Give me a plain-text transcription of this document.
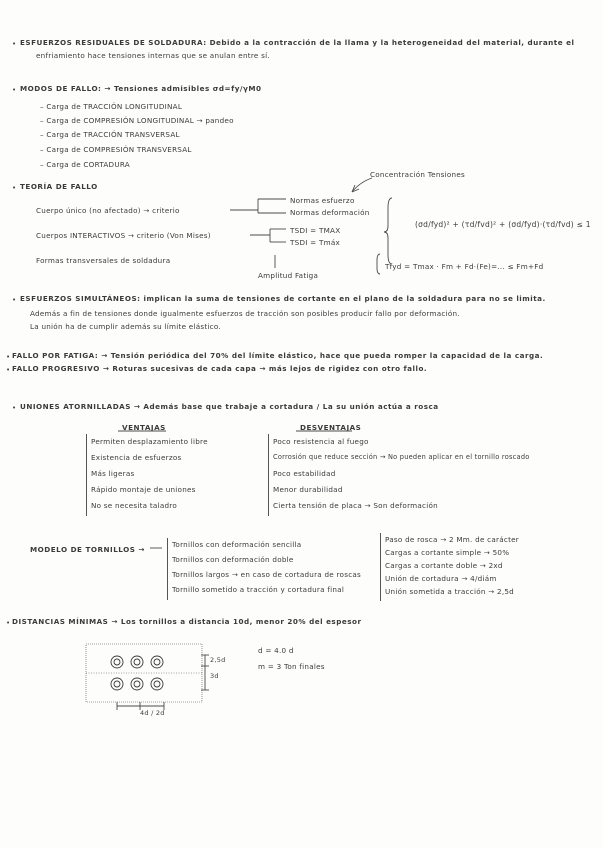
• ESFUERZOS RESIDUALES DE SOLDADURA: Debido a la contracción de la llama y la heterogeneidad del material, durante el
enfriamiento hace tensiones internas que se anulan entre sí.
• MODOS DE FALLO: → Tensiones admisibles σd=fy/γM0
– Carga de TRACCIÓN LONGITUDINAL
– Carga de COMPRESIÓN LONGITUDINAL → pandeo
– Carga de TRACCIÓN TRANSVERSAL
– Carga de COMPRESIÓN TRANSVERSAL
– Carga de CORTADURA
Concentración Tensiones
• TEORÍA DE FALLO
Cuerpo único (no afectado) → criterio
Normas esfuerzo
Normas deformación
Cuerpos INTERACTIVOS → criterio (Von Mises)
TSDI = TMAX
TSDI = Tmáx
Formas transversales de soldadura
(σd/fyd)² + (τd/fvd)² + (σd/fyd)·(τd/fvd) ≤ 1
Tfyd = Tmax · Fm + Fd·(Fe)=... ≤ Fm+Fd
Amplitud Fatiga
• ESFUERZOS SIMULTÁNEOS: implican la suma de tensiones de cortante en el plano de la soldadura para no se limita.
Además a fin de tensiones donde igualmente esfuerzos de tracción son posibles producir fallo por deformación.
La unión ha de cumplir además su límite elástico.
• FALLO POR FATIGA: → Tensión periódica del 70% del límite elástico, hace que pueda romper la capacidad de la carga.
• FALLO PROGRESIVO → Roturas sucesivas de cada capa → más lejos de rigidez con otro fallo.
• UNIONES ATORNILLADAS → Además base que trabaje a cortadura / La su unión actúa a rosca
VENTAJAS	DESVENTAJAS
Permiten desplazamiento libre
Existencia de esfuerzos
Más ligeras
Rápido montaje de uniones
No se necesita taladro
Poco resistencia al fuego
Corrosión que reduce sección → No pueden aplicar en el tornillo roscado
Poco estabilidad
Menor durabilidad
Cierta tensión de placa → Son deformación
MODELO DE TORNILLOS →
Tornillos con deformación sencilla
Tornillos con deformación doble
Tornillos largos → en caso de cortadura de roscas
Tornillo sometido a tracción y cortadura final
Paso de rosca → 2 Mm. de carácter
Cargas a cortante simple → 50%
Cargas a cortante doble → 2xd
Unión de cortadura → 4/diám
Unión sometida a tracción → 2,5d
• DISTANCIAS MÍNIMAS → Los tornillos a distancia 10d, menor 20% del espesor
d = 4.0 d
m = 3 Ton finales
2,5d
3d
4d / 2d
